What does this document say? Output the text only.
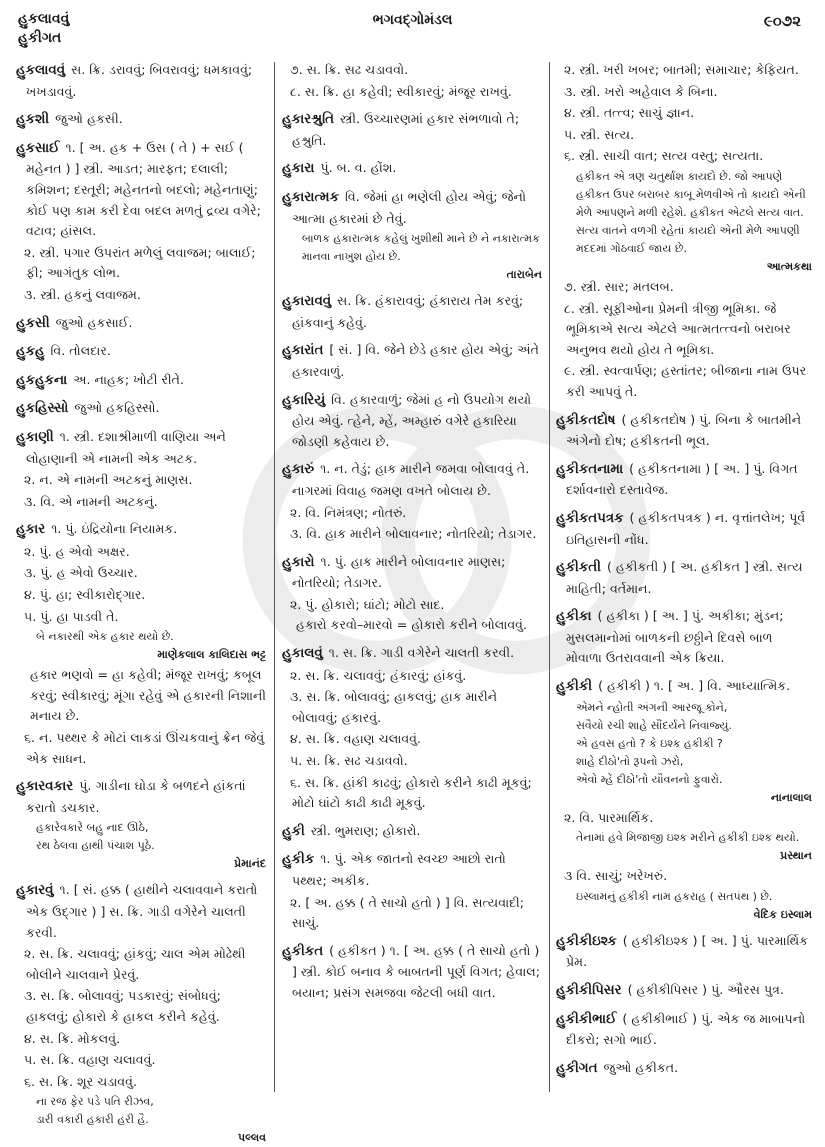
હુકલાવવું
હુકીગત
ભગવદ્ગોમંડલ	૯૦૭૨
હુકલાવવું સ. ક્રિ. ડરાવવું; બિવરાવવું; ધમકાવવું; ખખડાવવું.
હુકશી જુઓ હકસી.
હુકસાઈ ૧. [ અ. હક + ઉસ ( તે ) + સઈ ( મહેનત ) ] સ્ત્રી. આડત; મારફત; દલાલી; કમિશન; દસ્તૂરી; મહેનતનો બદલો; મહેનતાણું; કોઈ પણ કામ કરી દેવા બદલ મળતું દ્રવ્ય વગેરે; વટાવ; હાંસલ.
૨. સ્ત્રી. પગાર ઉપરાંત મળેલું લવાજમ; બાલાઈ; ફી; આગંતુક લોભ.
૩. સ્ત્રી. હકનું લવાજમ.
હુકસી જુઓ હકસાઈ.
હુકહુ વિ. તોલદાર.
હુકહુકના અ. નાહક; ખોટી રીતે.
હુકહિસ્સો જુઓ હકહિસ્સો.
હુકાણી ૧. સ્ત્રી. દશાશ્રીમાળી વાણિયા અને લોહાણાની એ નામની એક અટક.
૨. ન. એ નામની અટકનું માણસ.
૩. વિ. એ નામની અટકનું.
હુકાર ૧. પું. ઇંદ્રિયોના નિયામક.
૨. પું. હ એવો અક્ષર.
૩. પું. હ એવો ઉચ્ચાર.
૪. પું. હા; સ્વીકારોદ્ગાર.
૫. પું. હા પાડવી તે.
બે નકારથી એક હકાર થયો છે.
માણેકલાલ કાલિદાસ ભટ્ટ
હકાર ભણવો = હા કહેવી; મંજૂર રાખવું; કબૂલ કરવું; સ્વીકારવું; મૂંગા રહેવું એ હકારની નિશાની મનાય છે.
૬. ન. પથ્થર કે મોટાં લાકડાં ઊંચકવાનું ક્રેન જેવું એક સાધન.
હુકારવકાર પું. ગાડીના ઘોડા કે બળદને હાંકતાં કરાતો ડચકાર.
હકારેવકારે બહુ નાદ ઊઠે,
રથ ઠેલવા હાથી પંચાશ પૂઠે.
પ્રેમાનંદ
હુકારવું ૧. [ સં. હક્ક ( હાથીને ચલાવવાને કરાતો એક ઉદ્ગાર ) ] સ. ક્રિ. ગાડી વગેરેને ચાલતી કરવી.
૨. સ. ક્રિ. ચલાવવું; હાંકવું; ચાલ એમ મોઢેથી બોલીને ચાલવાને પ્રેરવું.
૩. સ. ક્રિ. બોલાવવું; પડકારવું; સંબોધવું; હાકલવું; હોકારો કે હાકલ કરીને કહેવું.
૪. સ. ક્રિ. મોકલવું.
૫. સ. ક્રિ. વહાણ ચલાવવું.
૬. સ. ક્રિ. શૂર ચડાવવું.
ના રજ ફેર પડે પતિ રીઝવ,
ડારી વકારી હકારી હરી હૈ.
પલ્લવ
૭. સ. ક્રિ. સઢ ચડાવવો.
૮. સ. ક્રિ. હા કહેવી; સ્વીકારવું; મંજૂર રાખવું.
હુકારશ્રુતિ સ્ત્રી. ઉચ્ચારણમાં હકાર સંભળાવો તે; હશ્રુતિ.
હુકારા પું. બ. વ. હોંશ.
હુકારાત્મક વિ. જેમાં હા ભણેલી હોય એવું; જેનો આત્મા હકારમાં છે તેવું.
બાળક હકારાત્મક કહેલું ખુશીથી માને છે ને નકારાત્મક માનવા નાખુશ હોય છે.
તારાબેન
હુકારાવવું સ. ક્રિ. હંકારાવવું; હંકારાય તેમ કરવું; હાંકવાનું કહેવું.
હુકારાંત [ સં. ] વિ. જેને છેડે હકાર હોય એવું; અંતે હકારવાળું.
હુકારિયું વિ. હકારવાળું; જેમાં હ નો ઉપયોગ થયો હોય એવું. ત્હેને, મ્હેં, અમ્હારું વગેરે હકારિયા જોડણી કહેવાય છે.
હુકારું ૧. ન. તેડું; હાક મારીને જમવા બોલાવવું તે. નાગરમાં વિવાહ જમણ વખતે બોલાય છે.
૨. વિ. નિમંત્રણ; નોતરું.
૩. વિ. હાક મારીને બોલાવનાર; નોતરિયો; તેડાગર.
હુકારો ૧. પું. હાક મારીને બોલાવનાર માણસ; નોતરિયો; તેડાગર.
૨. પું. હોકારો; ઘાંટો; મોટો સાદ.
હકારો કરવો–મારવો = હોકારો કરીને બોલાવવું.
હુકાલવું ૧. સ. ક્રિ. ગાડી વગેરેને ચાલતી કરવી.
૨. સ. ક્રિ. ચલાવવું; હંકારવું; હાંકવું.
૩. સ. ક્રિ. બોલાવવું; હાકલવું; હાક મારીને બોલાવવું; હકારવું.
૪. સ. ક્રિ. વહાણ ચલાવવું.
૫. સ. ક્રિ. સઢ ચડાવવો.
૬. સ. ક્રિ. હાંકી કાઢવું; હોકારો કરીને કાઢી મૂકવું; મોટો ઘાંટો કાઢી કાઢી મૂકવું.
હુકી સ્ત્રી. ભુમરાણ; હોકારો.
હુકીક ૧. પું. એક જાતનો સ્વચ્છ આછો રાતો પથ્થર; અકીક.
૨. [ અ. હક્ક ( તે સાચો હતો ) ] વિ. સત્યવાદી; સાચું.
હુકીકત ( હકીકત ) ૧. [ અ. હક્ક ( તે સાચો હતો ) ] સ્ત્રી. કોઈ બનાવ કે બાબતની પૂર્ણ વિગત; હેવાલ; બયાન; પ્રસંગ સમજવા જેટલી બધી વાત.
૨. સ્ત્રી. ખરી ખબર; બાતમી; સમાચાર; કેફિયત.
૩. સ્ત્રી. ખરો અહેવાલ કે બિના.
૪. સ્ત્રી. તત્ત્વ; સાચું જ્ઞાન.
૫. સ્ત્રી. સત્ય.
૬. સ્ત્રી. સાચી વાત; સત્ય વસ્તુ; સત્યતા.
હકીકત એ ત્રણ ચતુર્થાંશ કાયદો છે. જો આપણે હકીકત ઉપર બરાબર કાબૂ મેળવીએ તો કાયદો એની મેળે આપણને મળી રહેશે. હકીકત એટલે સત્ય વાત. સત્ય વાતને વળગી રહેતાં કાયદો એની મેળે આપણી મદદમાં ગોઠવાઈ જાય છે.
આત્મકથા
૭. સ્ત્રી. સાર; મતલબ.
૮. સ્ત્રી. સૂફીઓના પ્રેમની ત્રીજી ભૂમિકા. જે ભૂમિકાએ સત્ય એટલે આત્મતત્ત્વનો બરાબર અનુભવ થયો હોય તે ભૂમિકા.
૯. સ્ત્રી. સ્વત્વાર્પણ; હસ્તાંતર; બીજાના નામ ઉપર કરી આપવું તે.
હુકીકતદોષ ( હકીકતદોષ ) પું. બિના કે બાતમીને અંગેનો દોષ; હકીકતની ભૂલ.
હુકીકતનામા ( હકીકતનામા ) [ અ. ] પું. વિગત દર્શાવનારો દસ્તાવેજ.
હુકીકતપત્રક ( હકીકતપત્રક ) ન. વૃત્તાંતલેખ; પૂર્વ ઇતિહાસની નોંધ.
હુકીકતી ( હકીકતી ) [ અ. હકીકત ] સ્ત્રી. સત્ય માહિતી; વર્તમાન.
હુકીકા ( હકીકા ) [ અ. ] પું. અકીકા; મુંડન; મુસલમાનોમાં બાળકની છઠ્ઠીને દિવસે બાળ મોવાળા ઉતરાવવાની એક ક્રિયા.
હુકીકી ( હકીકી ) ૧. [ અ. ] વિ. આધ્યાત્મિક.
એમને ન્હોતી અંગની આરજૂ કોને,
સવૈયો રચી શાહે સૌંદર્યને નિવાજ્યું.
એ હવસ હતો ? કે ઇશ્ક હકીકી ?
શાહે દીઠો'તો રૂપનો ઝરો,
એવો મ્હેં દીઠો'તો યૌવનનો ફુવારો.
નાનાલાલ
૨. વિ. પારમાર્થિક.
તેનામાં હવે મિજાજી ઇશ્ક મરીને હકીકી ઇશ્ક થયો.
પ્રસ્થાન
૩ વિ. સાચું; ખરેખરું.
ઇસ્લામનું હકીકી નામ હકરાહ ( સતપંથ ) છે.
વેદિક ઇસ્લામ
હુકીકીઇશ્ક ( હકીકીઇશ્ક ) [ અ. ] પું. પારમાર્થિક પ્રેમ.
હુકીકીપિસર ( હકીકીપિસર ) પું. ઔરસ પુત્ર.
હુકીકીભાઈ ( હકીકીભાઈ ) પું. એક જ માબાપનો દીકરો; સગો ભાઈ.
હુકીગત જુઓ હકીકત.
